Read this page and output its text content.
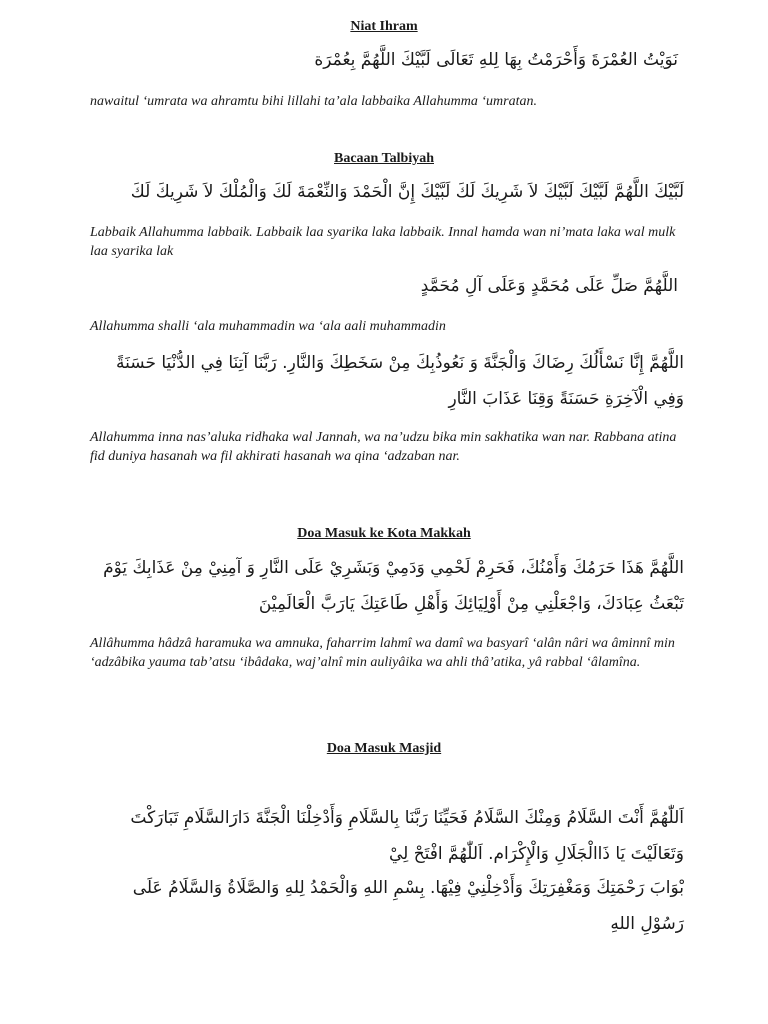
Niat Ihram
نَوَيْتُ العُمْرَةَ وَأَحْرَمْتُ بِهَا لِلهِ تَعَالَى لَبَّيْكَ اللَّهُمَّ بِعُمْرَة
nawaitul ‘umrata wa ahramtu bihi lillahi ta’ala labbaika Allahumma ‘umratan.
Bacaan Talbiyah
لَبَّيْكَ اللَّهُمَّ لَبَّيْكَ لَبَّيْكَ لاَ شَرِيكَ لَكَ لَبَّيْكَ إِنَّ الْحَمْدَ وَالنِّعْمَةَ لَكَ وَالْمُلْكَ لاَ شَرِيكَ لَكَ
Labbaik Allahumma labbaik. Labbaik laa syarika laka labbaik. Innal hamda wan ni’mata laka wal mulk laa syarika lak
اللَّهُمَّ صَلِّ عَلَى مُحَمَّدٍ وَعَلَى آلِ مُحَمَّدٍ
Allahumma shalli ‘ala muhammadin wa ‘ala aali muhammadin
اللَّهُمَّ إِنَّا نَسْأَلُكَ رِضَاكَ وَالْجَنَّةَ وَ نَعُوذُبِكَ مِنْ سَخَطِكَ وَالنَّارِ. رَبَّنَا آتِنَا فِي الدُّنْيَا حَسَنَةً وَفِي الْآخِرَةِ حَسَنَةً وَقِنَا عَذَابَ النَّارِ
Allahumma inna nas’aluka ridhaka wal Jannah, wa na’udzu bika min sakhatika wan nar. Rabbana atina fid duniya hasanah wa fil akhirati hasanah wa qina ‘adzaban nar.
Doa Masuk ke Kota Makkah
اللَّهُمَّ هَذَا حَرَمُكَ وَأَمْنُكَ، فَحَرِمْ لَحْمِي وَدَمِيْ وَبَشَرِيْ عَلَى النَّارِ وَ آمِنِيْ مِنْ عَذَابِكَ يَوْمَ تَبْعَثُ عِبَادَكَ، وَاجْعَلْنِي مِنْ أَوْلِيَائِكَ وَأَهْلِ طَاعَتِكَ يَارَبَّ الْعَالَمِيْنَ
Allâhumma hâdzâ haramuka wa amnuka, faharrim lahmî wa damî wa basyarî ‘alân nâri wa âminnî min ‘adzâbika yauma tab’atsu ‘ibâdaka, waj’alnî min auliyâika wa ahli thâ’atika, yâ rabbal ‘âlamîna.
Doa Masuk Masjid
اَللّٰهُمَّ أَنْتَ السَّلَامُ وَمِنْكَ السَّلَامُ فَحَيِّنَا رَبَّنَا بِالسَّلَامِ وَأَدْخِلْنَا الْجَنَّةَ دَارَالسَّلَامِ تَبَارَكْتَ وَتَعَالَيْتَ يَا ذَاالْجَلَالِ وَالْإِكْرَام. اَللّٰهُمَّ افْتَحْ لِيْ
بْوَابَ رَحْمَتِكَ وَمَغْفِرَتِكَ وَأَدْخِلْنِيْ فِيْهَا. بِسْمِ اللهِ وَالْحَمْدُ لِلهِ وَالصَّلَاةُ وَالسَّلَامُ عَلَى رَسُوْلِ اللهِ
